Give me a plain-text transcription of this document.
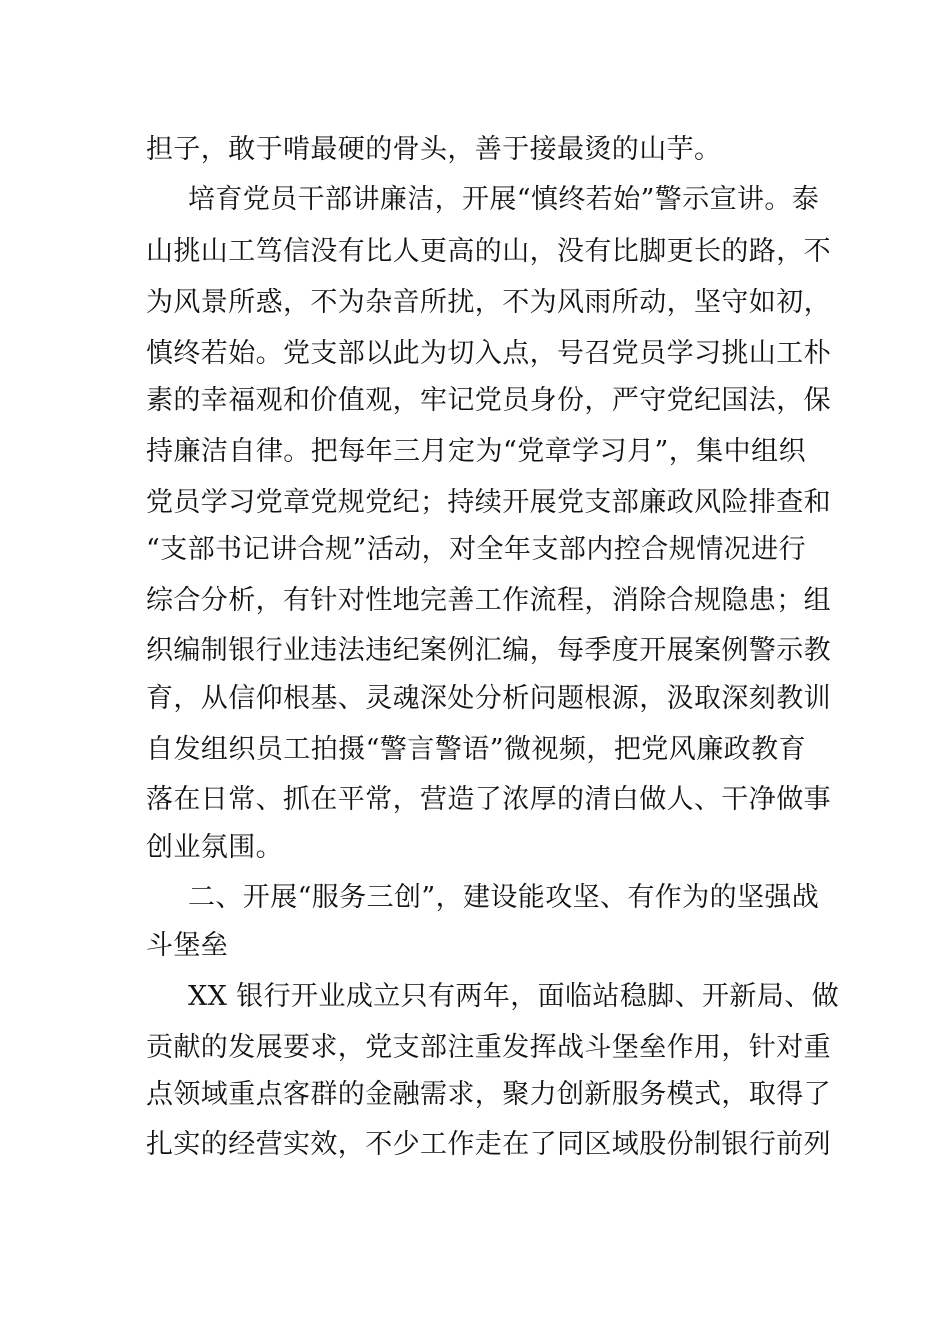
担子，敢于啃最硬的骨头，善于接最烫的山芋。
培育党员干部讲廉洁，开展“慎终若始”警示宣讲。泰
山挑山工笃信没有比人更高的山，没有比脚更长的路，不
为风景所惑，不为杂音所扰，不为风雨所动，坚守如初，
慎终若始。党支部以此为切入点，号召党员学习挑山工朴
素的幸福观和价值观，牢记党员身份，严守党纪国法，保
持廉洁自律。把每年三月定为“党章学习月”，集中组织
党员学习党章党规党纪；持续开展党支部廉政风险排查和
“支部书记讲合规”活动，对全年支部内控合规情况进行
综合分析，有针对性地完善工作流程，消除合规隐患；组
织编制银行业违法违纪案例汇编，每季度开展案例警示教
育，从信仰根基、灵魂深处分析问题根源，汲取深刻教训
自发组织员工拍摄“警言警语”微视频，把党风廉政教育
落在日常、抓在平常，营造了浓厚的清白做人、干净做事
创业氛围。
二、开展“服务三创”，建设能攻坚、有作为的坚强战
斗堡垒
XX 银行开业成立只有两年，面临站稳脚、开新局、做
贡献的发展要求，党支部注重发挥战斗堡垒作用，针对重
点领域重点客群的金融需求，聚力创新服务模式，取得了
扎实的经营实效，不少工作走在了同区域股份制银行前列
